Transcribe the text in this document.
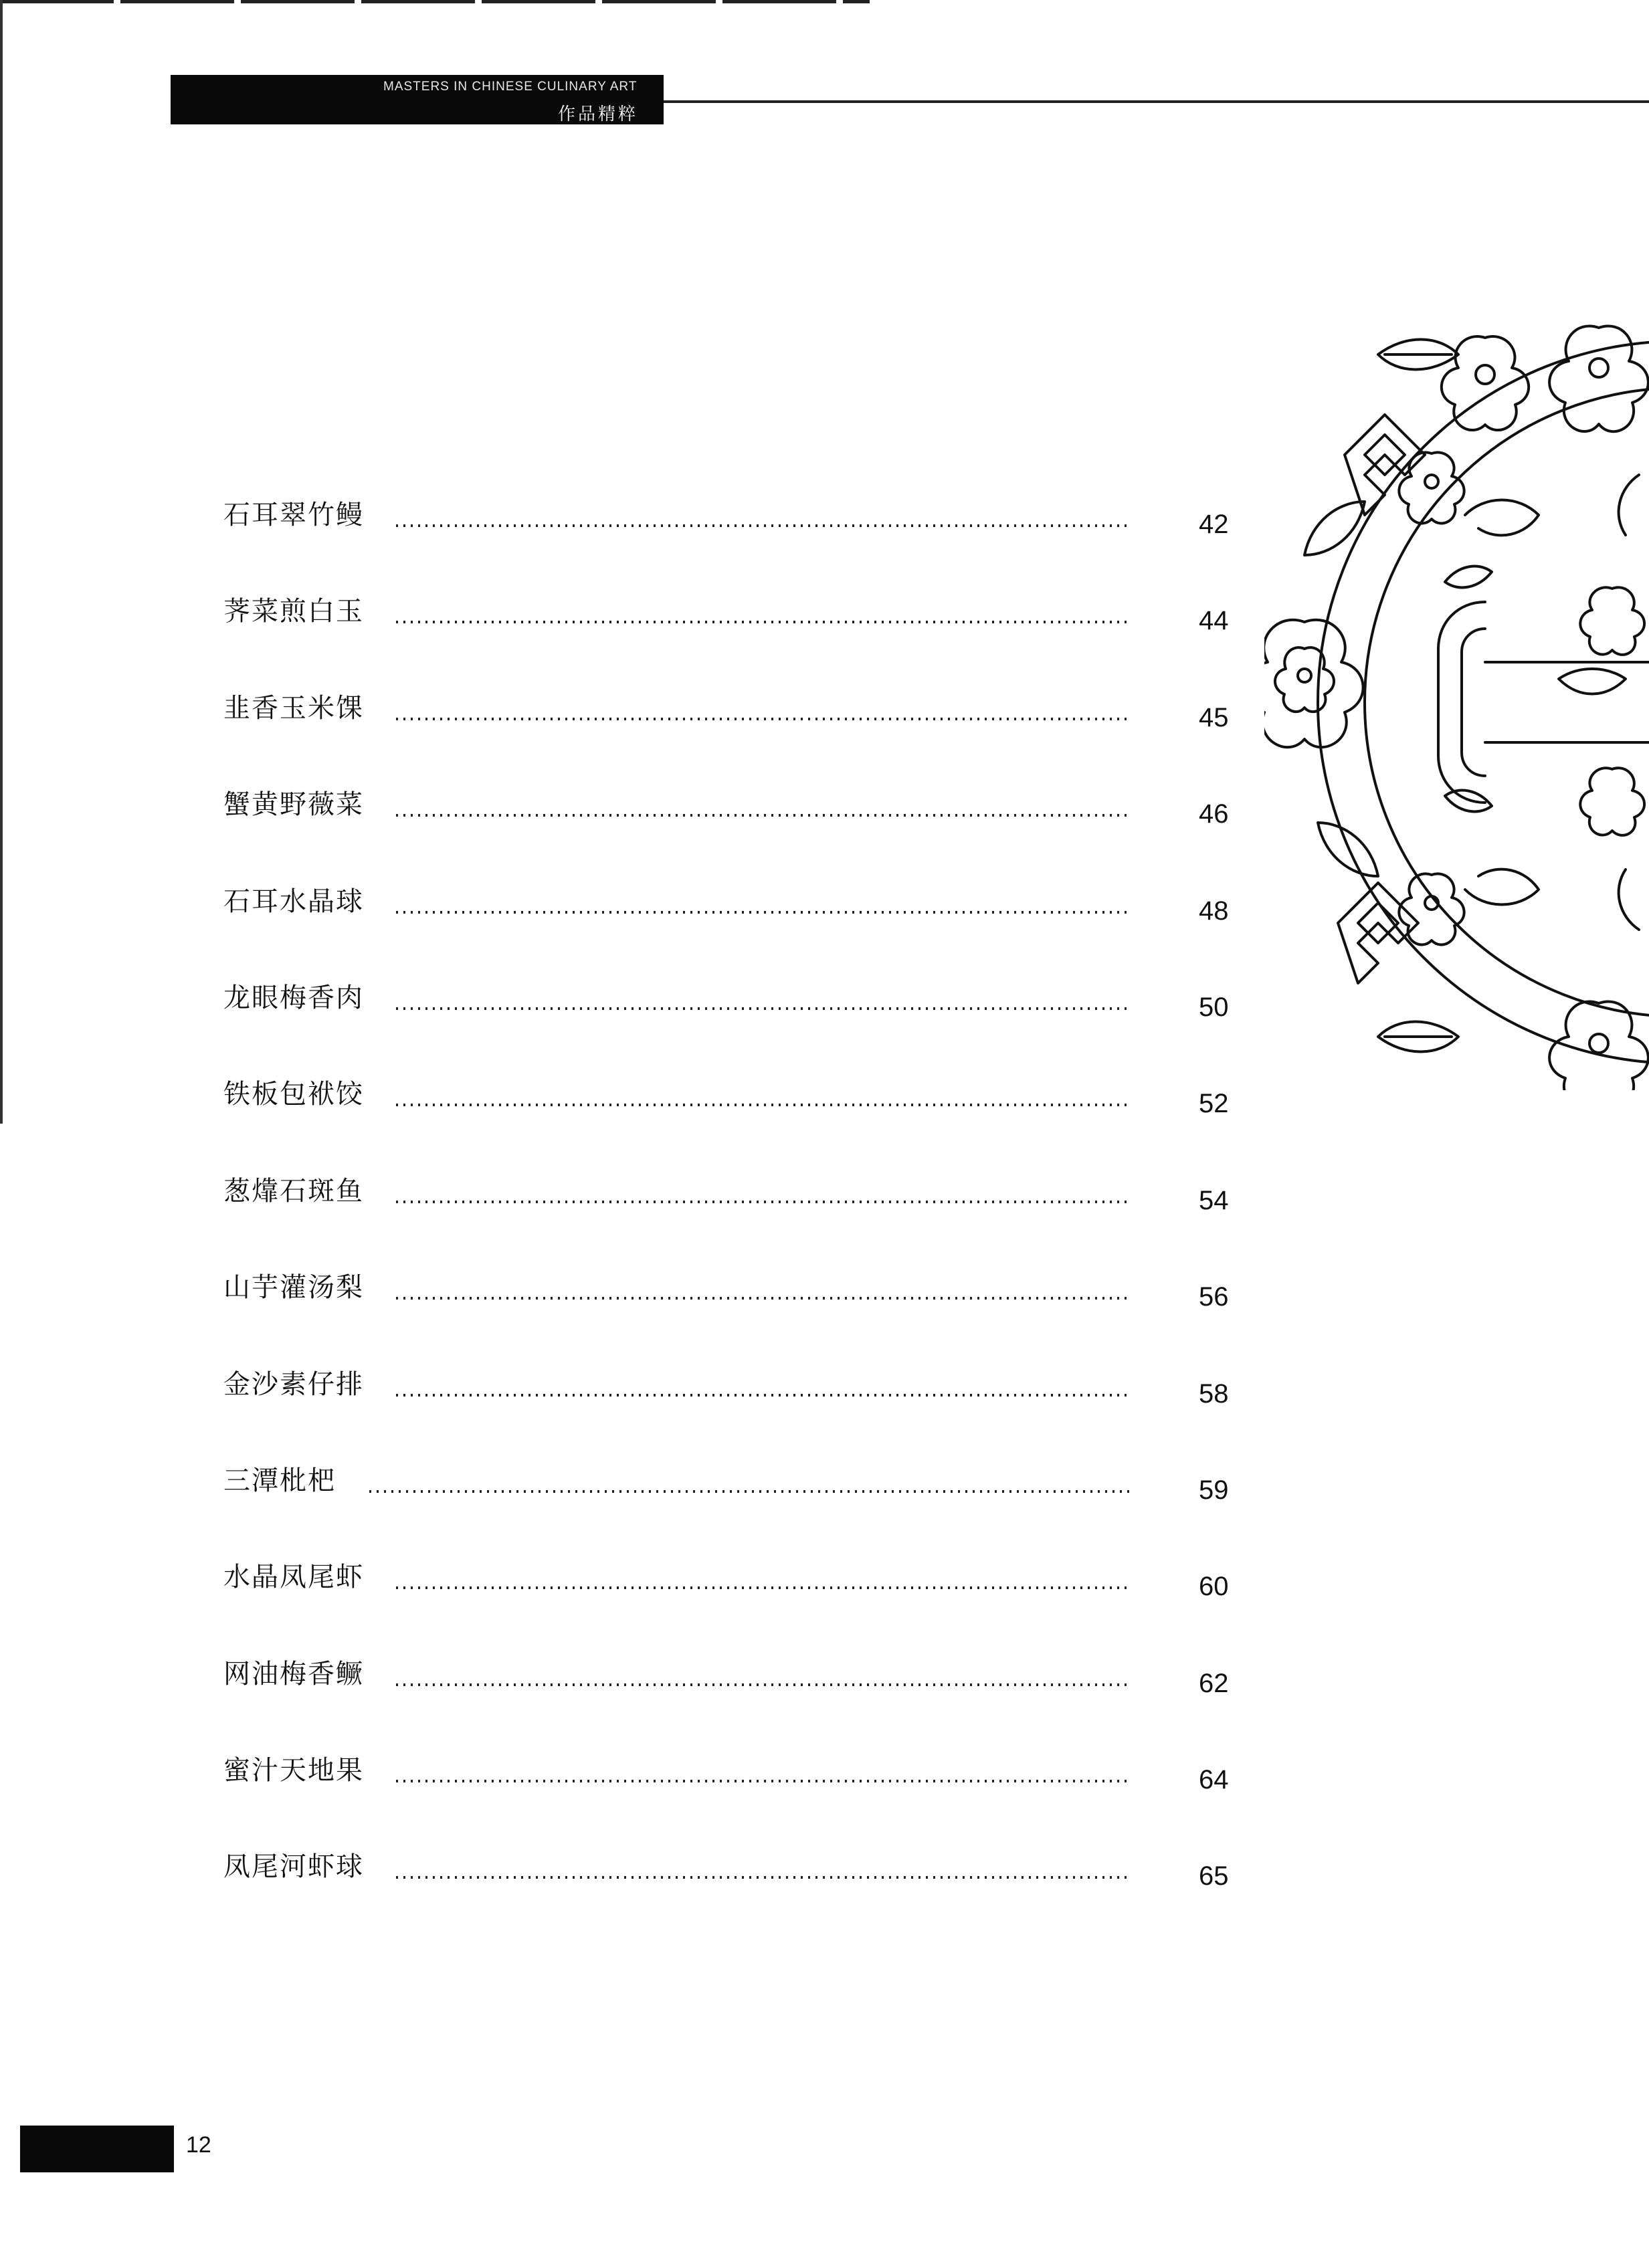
MASTERS IN CHINESE CULINARY ART
作品精粹
石耳翠竹鳗	42
荠菜煎白玉	44
韭香玉米馃	45
蟹黄野薇菜	46
石耳水晶球	48
龙眼梅香肉	50
铁板包袱饺	52
葱㸆石斑鱼	54
山芋灌汤梨	56
金沙素仔排	58
三潭枇杷	59
水晶凤尾虾	60
网油梅香鳜	62
蜜汁天地果	64
凤尾河虾球	65
12
